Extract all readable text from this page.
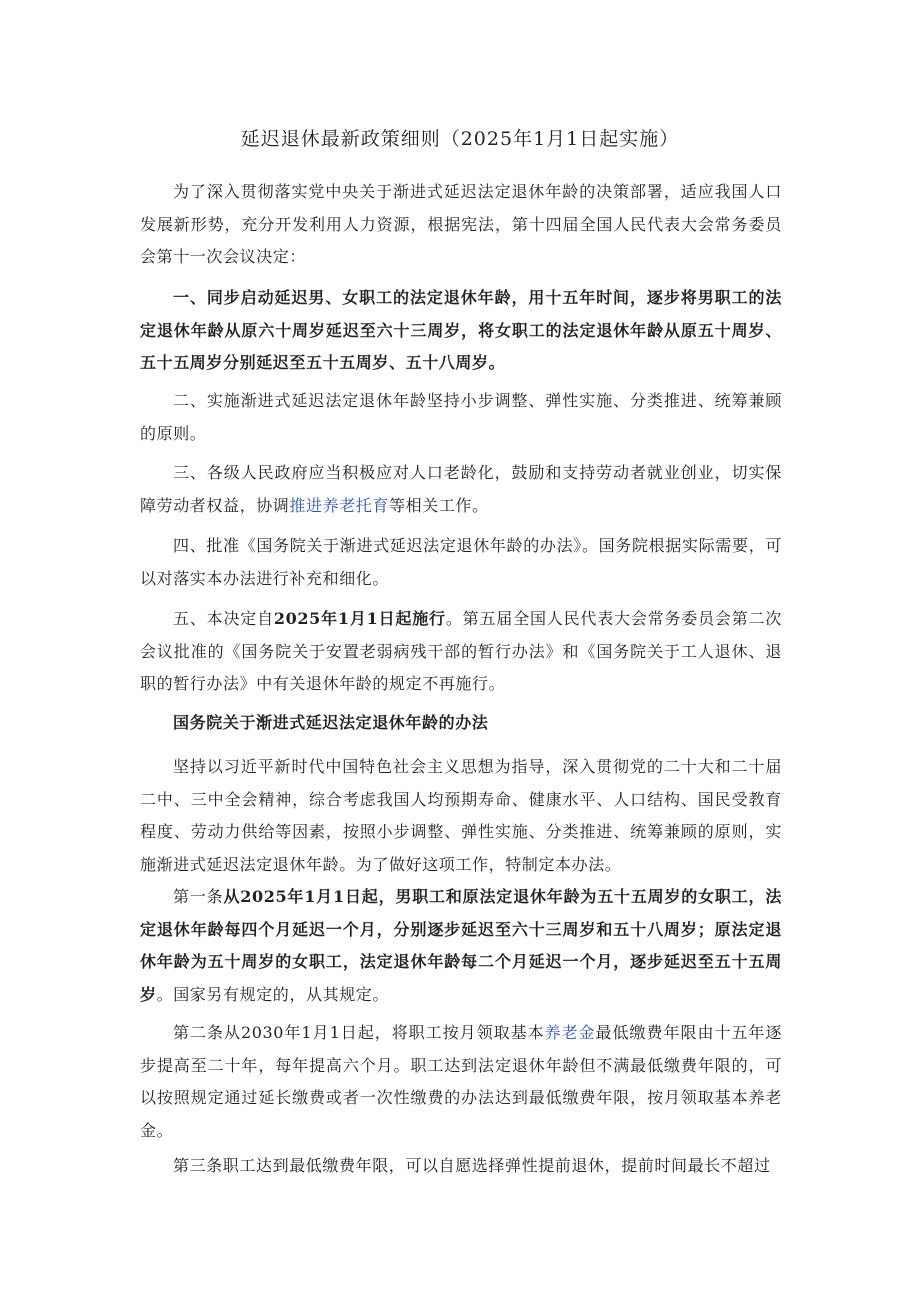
延迟退休最新政策细则（2025年1月1日起实施）

为了深入贯彻落实党中央关于渐进式延迟法定退休年龄的决策部署，适应我国人口发展新形势，充分开发利用人力资源，根据宪法，第十四届全国人民代表大会常务委员会第十一次会议决定：

一、同步启动延迟男、女职工的法定退休年龄，用十五年时间，逐步将男职工的法定退休年龄从原六十周岁延迟至六十三周岁，将女职工的法定退休年龄从原五十周岁、五十五周岁分别延迟至五十五周岁、五十八周岁。

二、实施渐进式延迟法定退休年龄坚持小步调整、弹性实施、分类推进、统筹兼顾的原则。

三、各级人民政府应当积极应对人口老龄化，鼓励和支持劳动者就业创业，切实保障劳动者权益，协调推进养老托育等相关工作。

四、批准《国务院关于渐进式延迟法定退休年龄的办法》。国务院根据实际需要，可以对落实本办法进行补充和细化。

五、本决定自2025年1月1日起施行。第五届全国人民代表大会常务委员会第二次会议批准的《国务院关于安置老弱病残干部的暂行办法》和《国务院关于工人退休、退职的暂行办法》中有关退休年龄的规定不再施行。

国务院关于渐进式延迟法定退休年龄的办法

坚持以习近平新时代中国特色社会主义思想为指导，深入贯彻党的二十大和二十届二中、三中全会精神，综合考虑我国人均预期寿命、健康水平、人口结构、国民受教育程度、劳动力供给等因素，按照小步调整、弹性实施、分类推进、统筹兼顾的原则，实施渐进式延迟法定退休年龄。为了做好这项工作，特制定本办法。

第一条从2025年1月1日起，男职工和原法定退休年龄为五十五周岁的女职工，法定退休年龄每四个月延迟一个月，分别逐步延迟至六十三周岁和五十八周岁；原法定退休年龄为五十周岁的女职工，法定退休年龄每二个月延迟一个月，逐步延迟至五十五周岁。国家另有规定的，从其规定。

第二条从2030年1月1日起，将职工按月领取基本养老金最低缴费年限由十五年逐步提高至二十年，每年提高六个月。职工达到法定退休年龄但不满最低缴费年限的，可以按照规定通过延长缴费或者一次性缴费的办法达到最低缴费年限，按月领取基本养老金。

第三条职工达到最低缴费年限，可以自愿选择弹性提前退休，提前时间最长不超过
